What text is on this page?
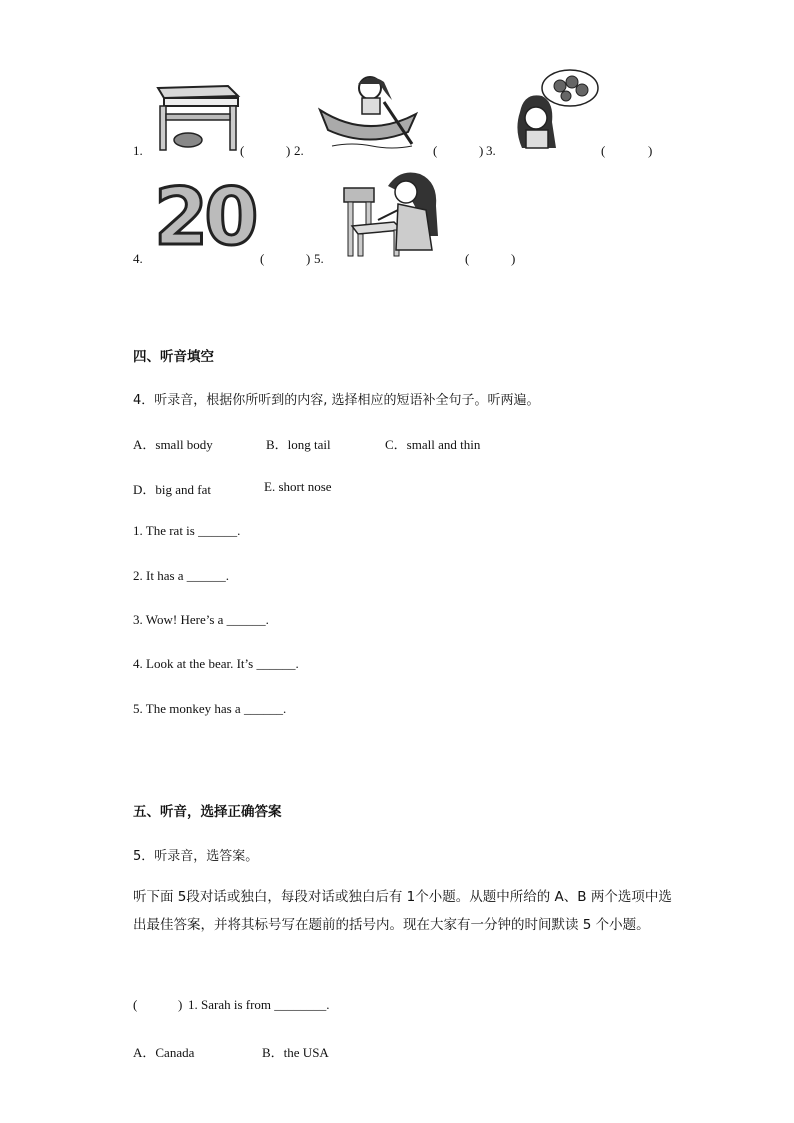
1.	(	) 2.	(	) 3.	(	)
4. 20 (	) 5.	(	)
四、听音填空
4．听录音，根据你所听到的内容, 选择相应的短语补全句子。听两遍。
A．small body	B．long tail	C．small and thin
D．big and fat	E. short nose
1. The rat is ______.
2. It has a ______.
3. Wow! Here’s a ______.
4. Look at the bear. It’s ______.
5. The monkey has a ______.
五、听音，选择正确答案
5．听录音，选答案。
听下面 5段对话或独白，每段对话或独白后有 1个小题。从题中所给的 A、B 两个选项中选出最佳答案，并将其标号写在题前的括号内。现在大家有一分钟的时间默读 5 个小题。
(	) 1. Sarah is from ________.
A．Canada	B．the USA
